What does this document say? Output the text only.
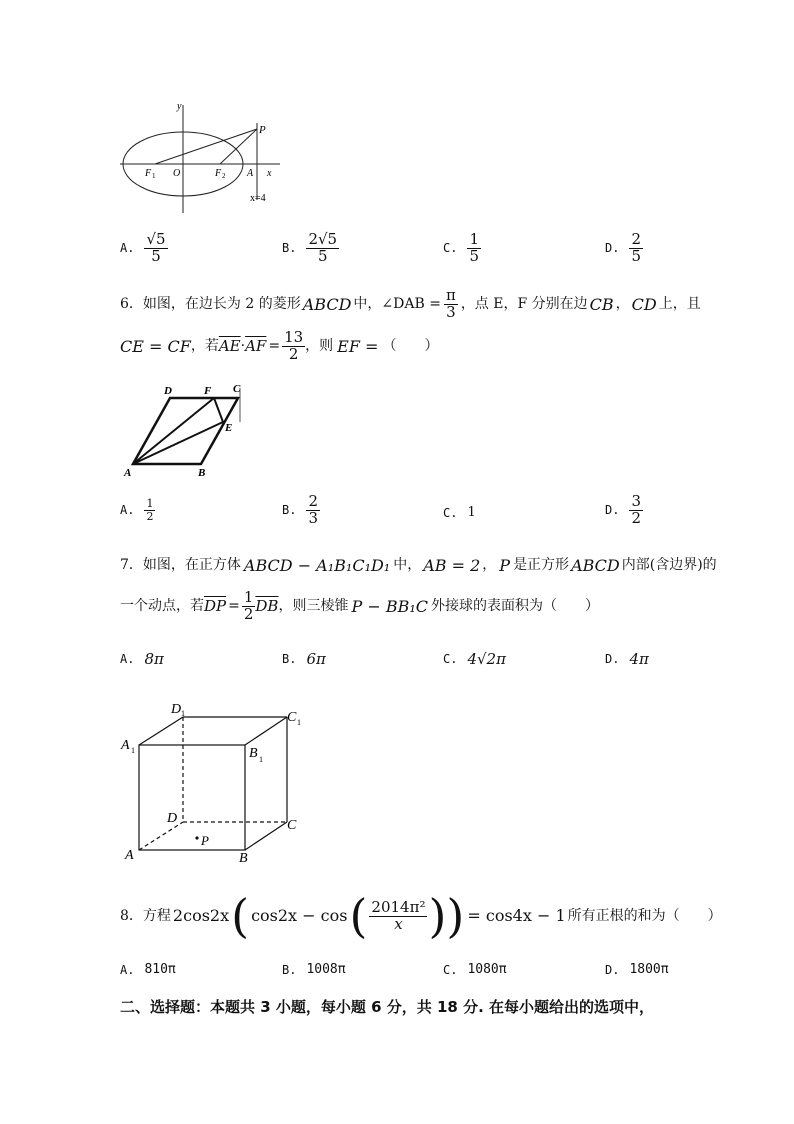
y
P
F 1 O	F 2 A x
x=4
A. $\frac{√5}{5}$	B. $\frac{2√5}{5}$	C. $\frac{1}{5}$	D. $\frac{2}{5}$
6．如图，在边长为 2 的菱形 ABCD 中，∠DAB = $\frac{\pi}{3}$ ，点 E，F 分别在边 CB ， CD 上，且
CE = CF ，若 $\overline{AE} \cdot \overline{AF} = \frac{13}{2}$ ，则 EF = （　　）
D	F C
E
A	B
A. $\frac{1}{2}$	B. $\frac{2}{3}$	C. 1	D. $\frac{3}{2}$
7．如图，在正方体 ABCD − A₁B₁C₁D₁ 中， AB = 2 ， P 是正方形 ABCD 内部(含边界)的
一个动点，若 $\overline{DP} = \frac{1}{2} \overline{DB}$ ，则三棱锥 P − BB₁C 外接球的表面积为（　　）
A. 8π	B. 6π	C. 4√2π	D. 4π
D 1	C 1
A 1	B 1
D	C
A	B
P
8．方程 2cos2x ( cos2x − cos ( $\frac{\text{2014π²}}{x}$ )) = cos4x − 1 所有正根的和为（　　）
A. 810π	B. 1008π	C. 1080π	D. 1800π
二、选择题：本题共 3 小题，每小题 6 分，共 18 分. 在每小题给出的选项中，
